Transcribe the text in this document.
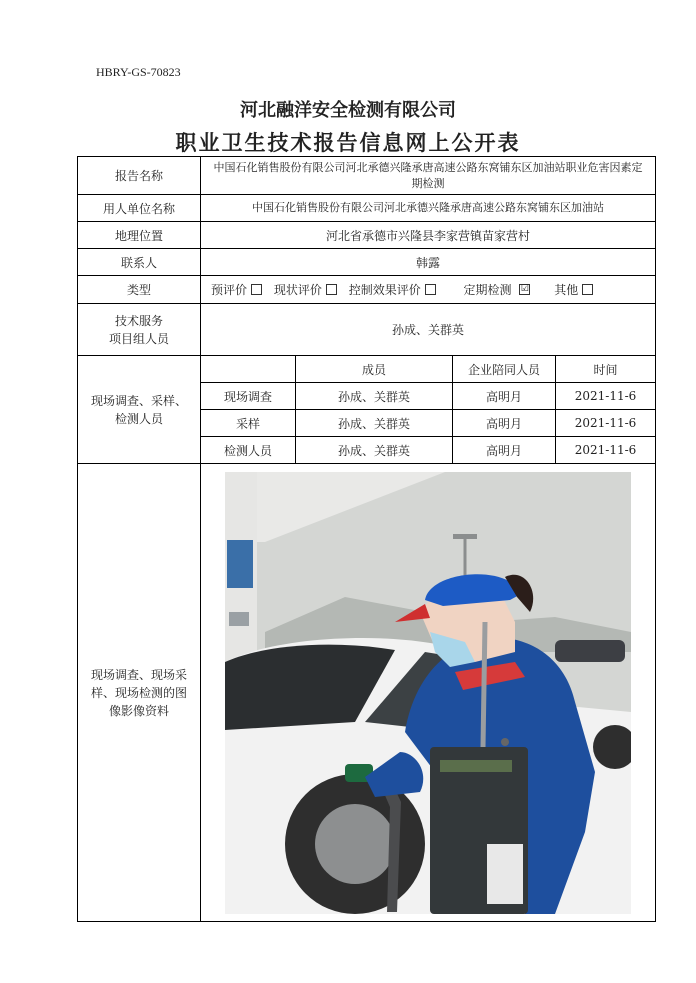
HBRY-GS-70823
河北融洋安全检测有限公司
职业卫生技术报告信息网上公开表
报告名称	中国石化销售股份有限公司河北承德兴隆承唐高速公路东窝铺东区加油站职业危害因素定期检测			
用人单位名称	中国石化销售股份有限公司河北承德兴隆承唐高速公路东窝铺东区加油站			
地理位置	河北省承德市兴隆县李家营镇苗家营村			
联系人	韩露			
类型	预评价 现状评价 控制效果评价 定期检测 ☑ 其他			

技术服务
项目组人员	孙成、关群英			

现场调查、采样、
检测人员		成员	企业陪同人员	时间
	现场调查	孙成、关群英	高明月	2021-11-6
	采样	孙成、关群英	高明月	2021-11-6
	检测人员	孙成、关群英	高明月	2021-11-6

现场调查、现场采
样、现场检测的图
像影像资料
